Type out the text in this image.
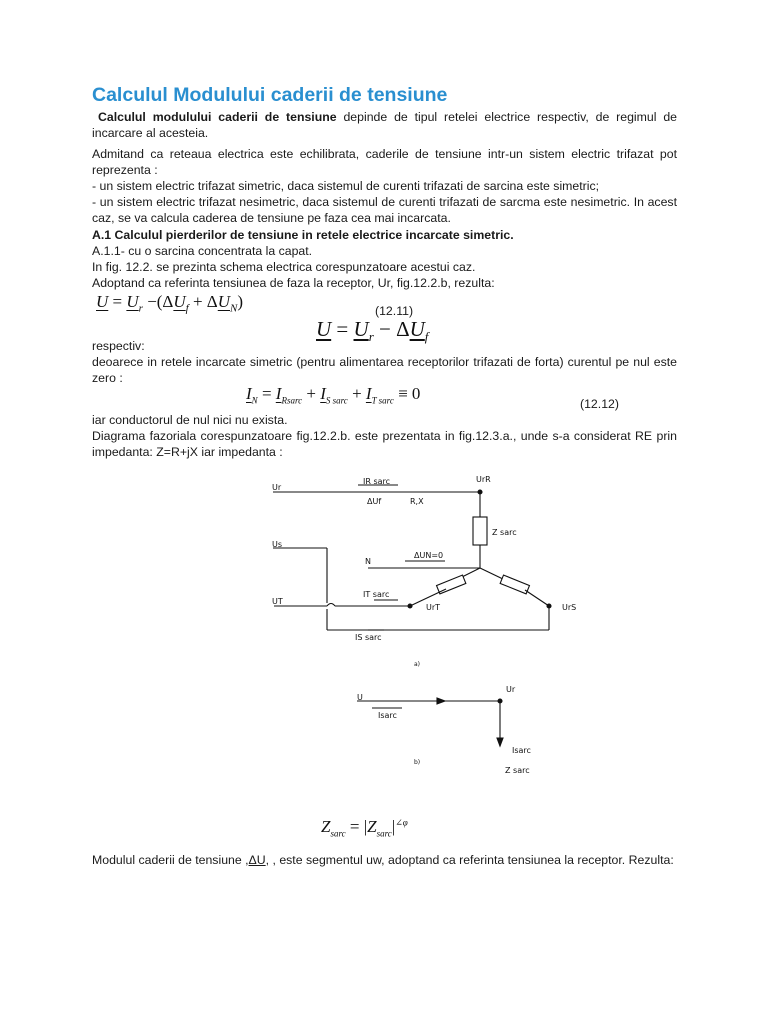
Calculul Modulului caderii de tensiune
Calculul modulului caderii de tensiune depinde de tipul retelei electrice respectiv, de regimul de incarcare al acesteia.
Admitand ca reteaua electrica este echilibrata, caderile de tensiune intr-un sistem electric trifazat pot reprezenta :
- un sistem electric trifazat simetric, daca sistemul de curenti trifazati de sarcina este simetric;
- un sistem electric trifazat nesimetric, daca sistemul de curenti trifazati de sarcma este nesimetric. In acest caz, se va calcula caderea de tensiune pe faza cea mai incarcata.
A.1 Calculul pierderilor de tensiune in retele electrice incarcate simetric.
A.1.1- cu o sarcina concentrata la capat.
In fig. 12.2. se prezinta schema electrica corespunzatoare acestui caz.
Adoptand ca referinta tensiunea de faza la receptor, Ur, fig.12.2.b, rezulta:
$U = U_r -(\Delta U_f + \Delta U_N)$	(12.11)
$U = U_r - \Delta U_f$
respectiv:
deoarece in retele incarcate simetric (pentru alimentarea receptorilor trifazati de forta) curentul pe nul este zero :
$I_N = I_{Rsarc} + I_{S sarc} + I_{T sarc} \equiv 0$
(12.12)
iar conductorul de nul nici nu exista.
Diagrama fazoriala corespunzatoare fig.12.2.b. este prezentata in fig.12.3.a., unde s-a considerat RE prin impedanta: Z=R+jX iar impedanta :
Ur
IR sarc
ΔUf	R,X
UrR
Z sarc
Us
N
ΔUN=0
IT sarc
UT
UrT	UrS
IS sarc
a)
U
Ur
Isarc
Isarc
Z sarc
b)
$Z_{sarc} = |Z_{sarc}|^{\angle\varphi}$
Modulul caderii de tensiune ,ΔU, , este segmentul uw, adoptand ca referinta tensiunea la receptor. Rezulta:
